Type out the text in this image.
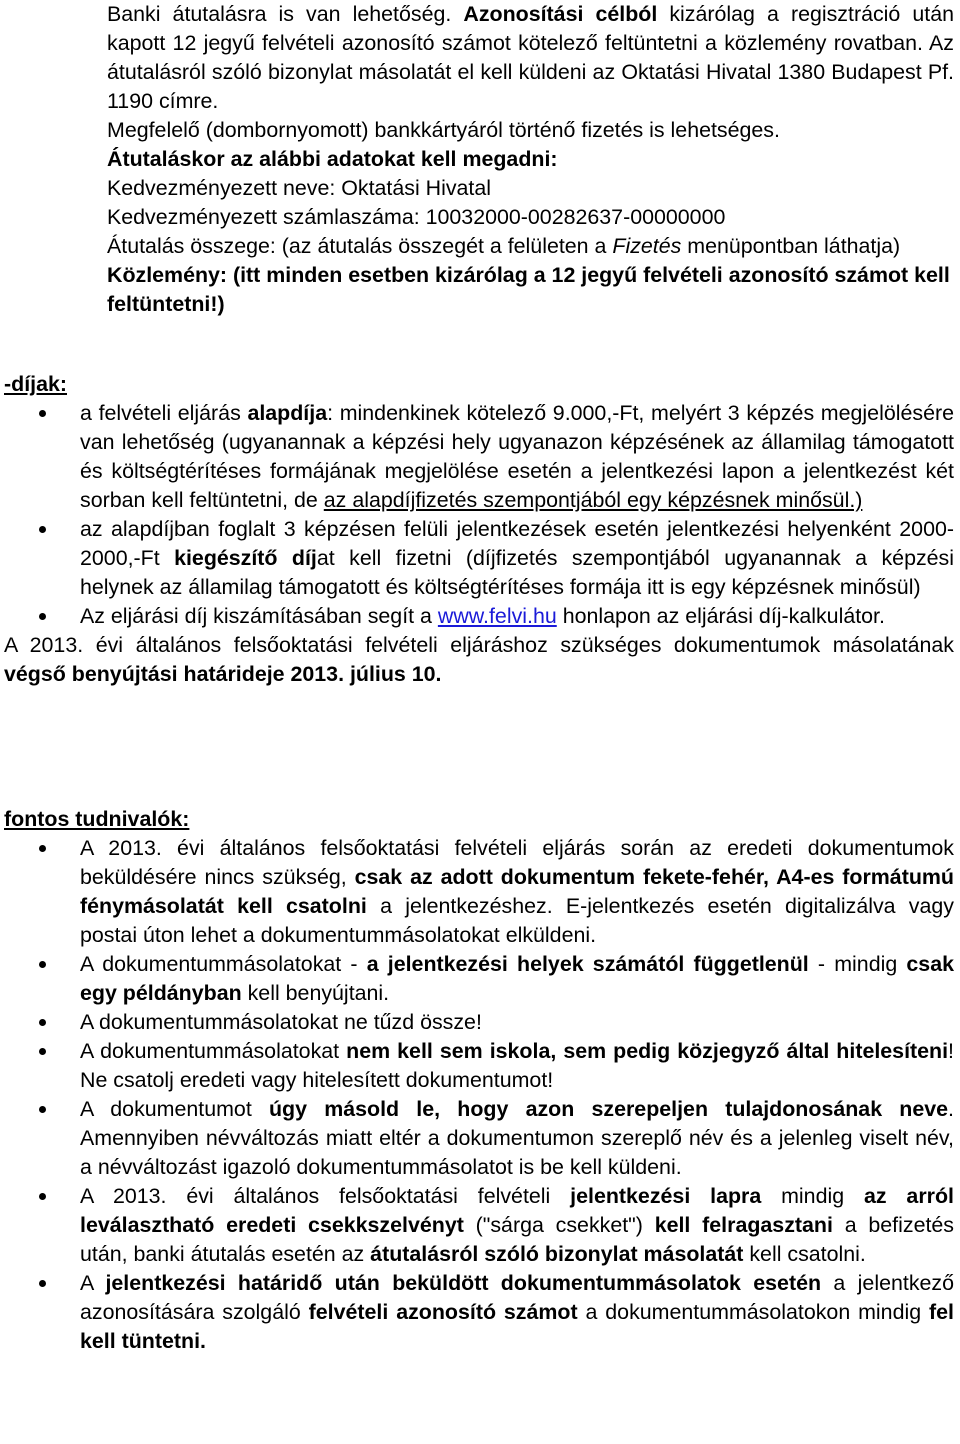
Banki átutalásra is van lehetőség. Azonosítási célból kizárólag a regisztráció után kapott 12 jegyű felvételi azonosító számot kötelező feltüntetni a közlemény rovatban. Az átutalásról szóló bizonylat másolatát el kell küldeni az Oktatási Hivatal 1380 Budapest Pf. 1190 címre.

Megfelelő (dombornyomott) bankkártyáról történő fizetés is lehetséges.

Átutaláskor az alábbi adatokat kell megadni:

Kedvezményezett neve: Oktatási Hivatal

Kedvezményezett számlaszáma: 10032000-00282637-00000000

Átutalás összege: (az átutalás összegét a felületen a Fizetés menüpontban láthatja)

Közlemény: (itt minden esetben kizárólag a 12 jegyű felvételi azonosító számot kell feltüntetni!)

-díjak:
a felvételi eljárás alapdíja: mindenkinek kötelező 9.000,-Ft, melyért 3 képzés megjelölésére van lehetőség (ugyanannak a képzési hely ugyanazon képzésének az államilag támogatott és költségtérítéses formájának megjelölése esetén a jelentkezési lapon a jelentkezést két sorban kell feltüntetni, de az alapdíjfizetés szempontjából egy képzésnek minősül.)
az alapdíjban foglalt 3 képzésen felüli jelentkezések esetén jelentkezési helyenként 2000-2000,-Ft kiegészítő díjat kell fizetni (díjfizetés szempontjából ugyanannak a képzési helynek az államilag támogatott és költségtérítéses formája itt is egy képzésnek minősül)
Az eljárási díj kiszámításában segít a www.felvi.hu honlapon az eljárási díj-kalkulátor.

A 2013. évi általános felsőoktatási felvételi eljáráshoz szükséges dokumentumok másolatának végső benyújtási határideje 2013. július 10.

fontos tudnivalók:
A 2013. évi általános felsőoktatási felvételi eljárás során az eredeti dokumentumok beküldésére nincs szükség, csak az adott dokumentum fekete-fehér, A4-es formátumú fénymásolatát kell csatolni a jelentkezéshez. E-jelentkezés esetén digitalizálva vagy postai úton lehet a dokumentummásolatokat elküldeni.
A dokumentummásolatokat - a jelentkezési helyek számától függetlenül - mindig csak egy példányban kell benyújtani.
A dokumentummásolatokat ne tűzd össze!
A dokumentummásolatokat nem kell sem iskola, sem pedig közjegyző által hitelesíteni! Ne csatolj eredeti vagy hitelesített dokumentumot!
A dokumentumot úgy másold le, hogy azon szerepeljen tulajdonosának neve. Amennyiben névváltozás miatt eltér a dokumentumon szereplő név és a jelenleg viselt név, a névváltozást igazoló dokumentummásolatot is be kell küldeni.
A 2013. évi általános felsőoktatási felvételi jelentkezési lapra mindig az arról leválasztható eredeti csekkszelvényt ("sárga csekket") kell felragasztani a befizetés után, banki átutalás esetén az átutalásról szóló bizonylat másolatát kell csatolni.
A jelentkezési határidő után beküldött dokumentummásolatok esetén a jelentkező azonosítására szolgáló felvételi azonosító számot a dokumentummásolatokon mindig fel kell tüntetni.
